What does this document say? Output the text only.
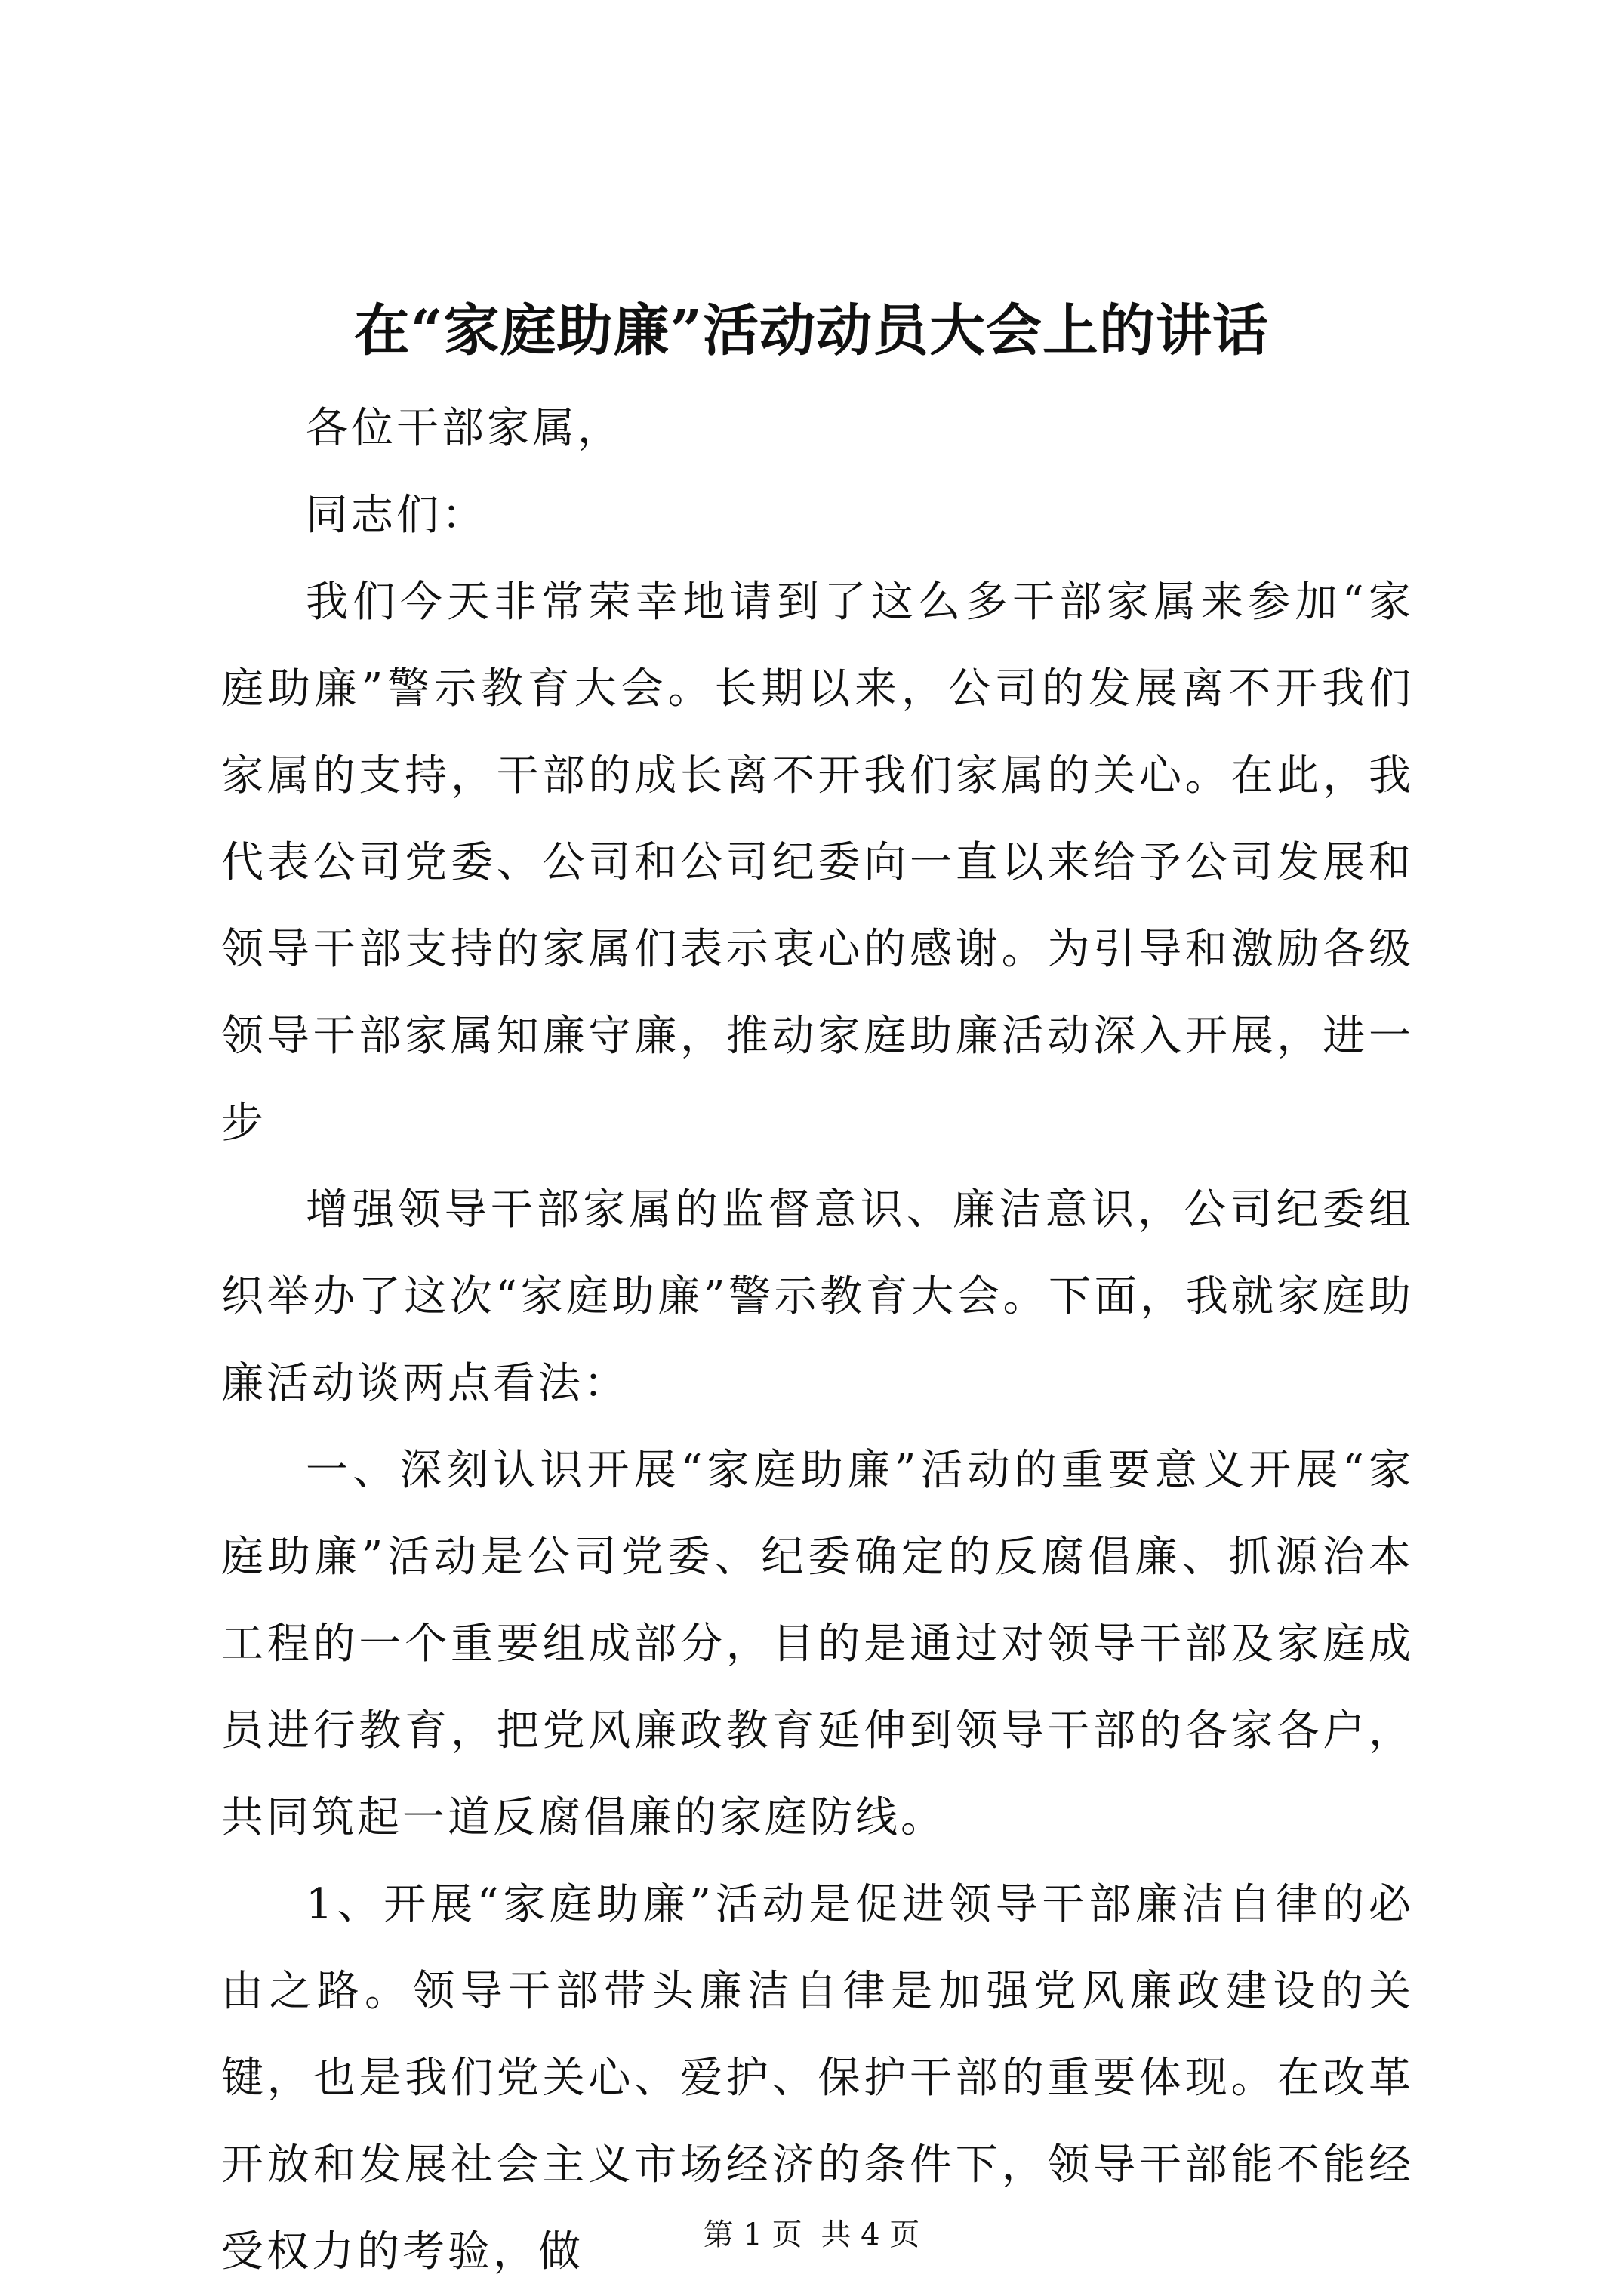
在“家庭助廉”活动动员大会上的讲话

各位干部家属，

同志们：

我们今天非常荣幸地请到了这么多干部家属来参加“家庭助廉”警示教育大会。长期以来，公司的发展离不开我们家属的支持，干部的成长离不开我们家属的关心。在此，我代表公司党委、公司和公司纪委向一直以来给予公司发展和领导干部支持的家属们表示衷心的感谢。为引导和激励各级领导干部家属知廉守廉，推动家庭助廉活动深入开展，进一步

增强领导干部家属的监督意识、廉洁意识，公司纪委组织举办了这次“家庭助廉”警示教育大会。下面，我就家庭助廉活动谈两点看法：

一、深刻认识开展“家庭助廉”活动的重要意义开展“家庭助廉”活动是公司党委、纪委确定的反腐倡廉、抓源治本工程的一个重要组成部分，目的是通过对领导干部及家庭成员进行教育，把党风廉政教育延伸到领导干部的各家各户，共同筑起一道反腐倡廉的家庭防线。

1、开展“家庭助廉”活动是促进领导干部廉洁自律的必由之路。领导干部带头廉洁自律是加强党风廉政建设的关键，也是我们党关心、爱护、保护干部的重要体现。在改革开放和发展社会主义市场经济的条件下，领导干部能不能经受权力的考验，做	第 1 页 共 4 页
